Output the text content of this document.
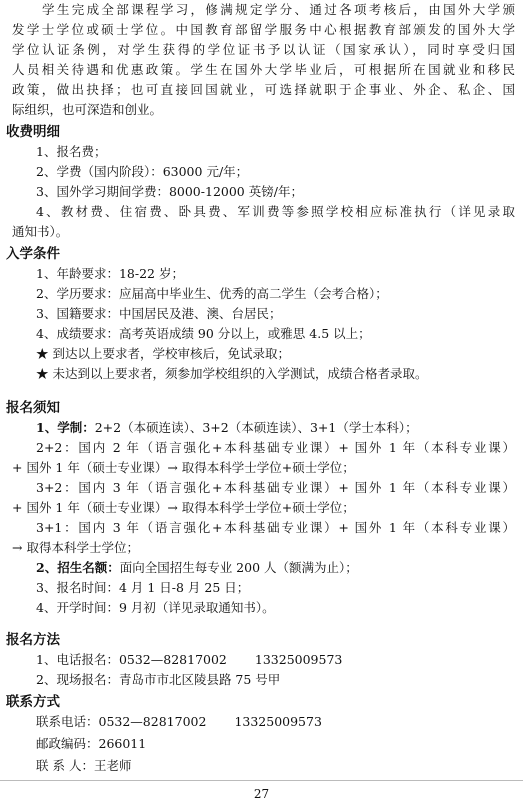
学生完成全部课程学习，修满规定学分、通过各项考核后，由国外大学颁

发学士学位或硕士学位。中国教育部留学服务中心根据教育部颁发的国外大学

学位认证条例，对学生获得的学位证书予以认证（国家承认），同时享受归国

人员相关待遇和优惠政策。学生在国外大学毕业后，可根据所在国就业和移民

政策，做出抉择；也可直接回国就业，可选择就职于企事业、外企、私企、国

际组织，也可深造和创业。

收费明细

1、报名费；

2、学费（国内阶段）：63000 元/年；

3、国外学习期间学费：8000-12000 英镑/年；

4、教材费、住宿费、卧具费、军训费等参照学校相应标准执行（详见录取

通知书）。

入学条件

1、年龄要求：18-22 岁；

2、学历要求：应届高中毕业生、优秀的高二学生（会考合格）；

3、国籍要求：中国居民及港、澳、台居民；

4、成绩要求：高考英语成绩 90 分以上，或雅思 4.5 以上；

★ 到达以上要求者，学校审核后，免试录取；

★ 未达到以上要求者，须参加学校组织的入学测试，成绩合格者录取。

报名须知

1、学制：2+2（本硕连读）、3+2（本硕连读）、3+1（学士本科）；

2+2：国内 2 年（语言强化+本科基础专业课）+ 国外 1 年（本科专业课）

+ 国外 1 年（硕士专业课）→ 取得本科学士学位+硕士学位；

3+2：国内 3 年（语言强化+本科基础专业课）+ 国外 1 年（本科专业课）

+ 国外 1 年（硕士专业课）→ 取得本科学士学位+硕士学位；

3+1：国内 3 年（语言强化+本科基础专业课）+ 国外 1 年（本科专业课）

→ 取得本科学士学位；

2、招生名额：面向全国招生每专业 200 人（额满为止）；

3、报名时间：4 月 1 日-8 月 25 日；

4、开学时间：9 月初（详见录取通知书）。

报名方法

1、电话报名：0532—82817002 13325009573

2、现场报名：青岛市市北区陵县路 75 号甲

27
联系方式

联系电话：0532—82817002 13325009573

邮政编码：266011

联 系 人：王老师
